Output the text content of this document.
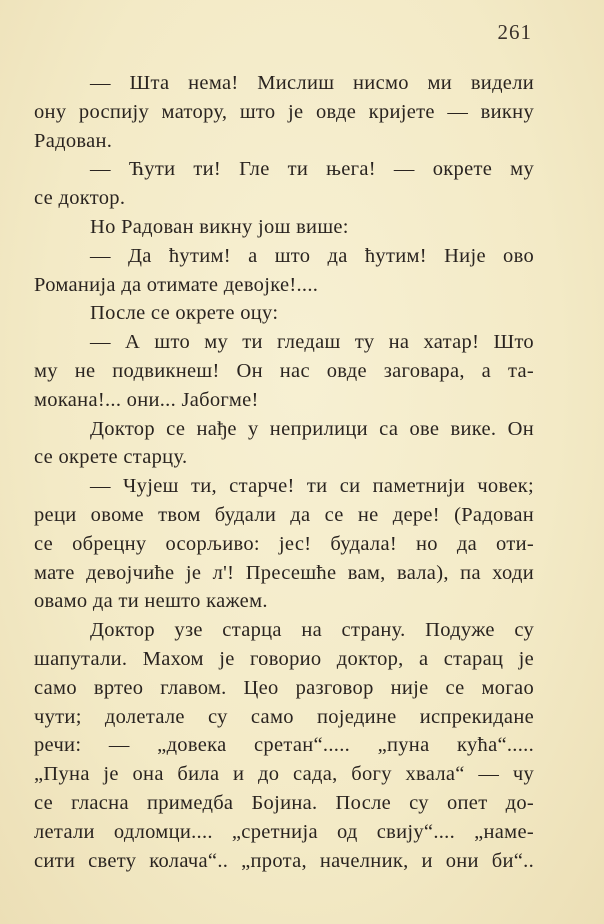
261
— Шта нема! Мислиш нисмо ми видели
ону роспију матору, што је овде кријете — викну
Радован.
— Ћути ти! Гле ти њега! — окрете му
се доктор.
Но Радован викну још више:
— Да ћутим! а што да ћутим! Није ово
Романија да отимате девојке!....
После се окрете оцу:
— А што му ти гледаш ту на хатар! Што
му не подвикнеш! Он нас овде заговара, а та-
мокана!... они... Јабогме!
Доктор се нађе у неприлици са ове вике. Он
се окрете старцу.
— Чујеш ти, старче! ти си паметнији човек;
реци овоме твом будали да се не дере! (Радован
се обрецну осорљиво: јес! будала! но да оти-
мате девојчиће је л'! Пресешће вам, вала), па ходи
овамо да ти нешто кажем.
Доктор узе старца на страну. Подуже су
шапутали. Махом је говорио доктор, а старац је
само вртео главом. Цео разговор није се могао
чути; долетале су само поједине испрекидане
речи: — „довека сретан“..... „пуна кућа“.....
„Пуна је она била и до сада, богу хвала“ — чу
се гласна примедба Бојина. После су опет до-
летали одломци.... „сретнија од свију“.... „наме-
сити свету колача“.. „прота, начелник, и они би“..
